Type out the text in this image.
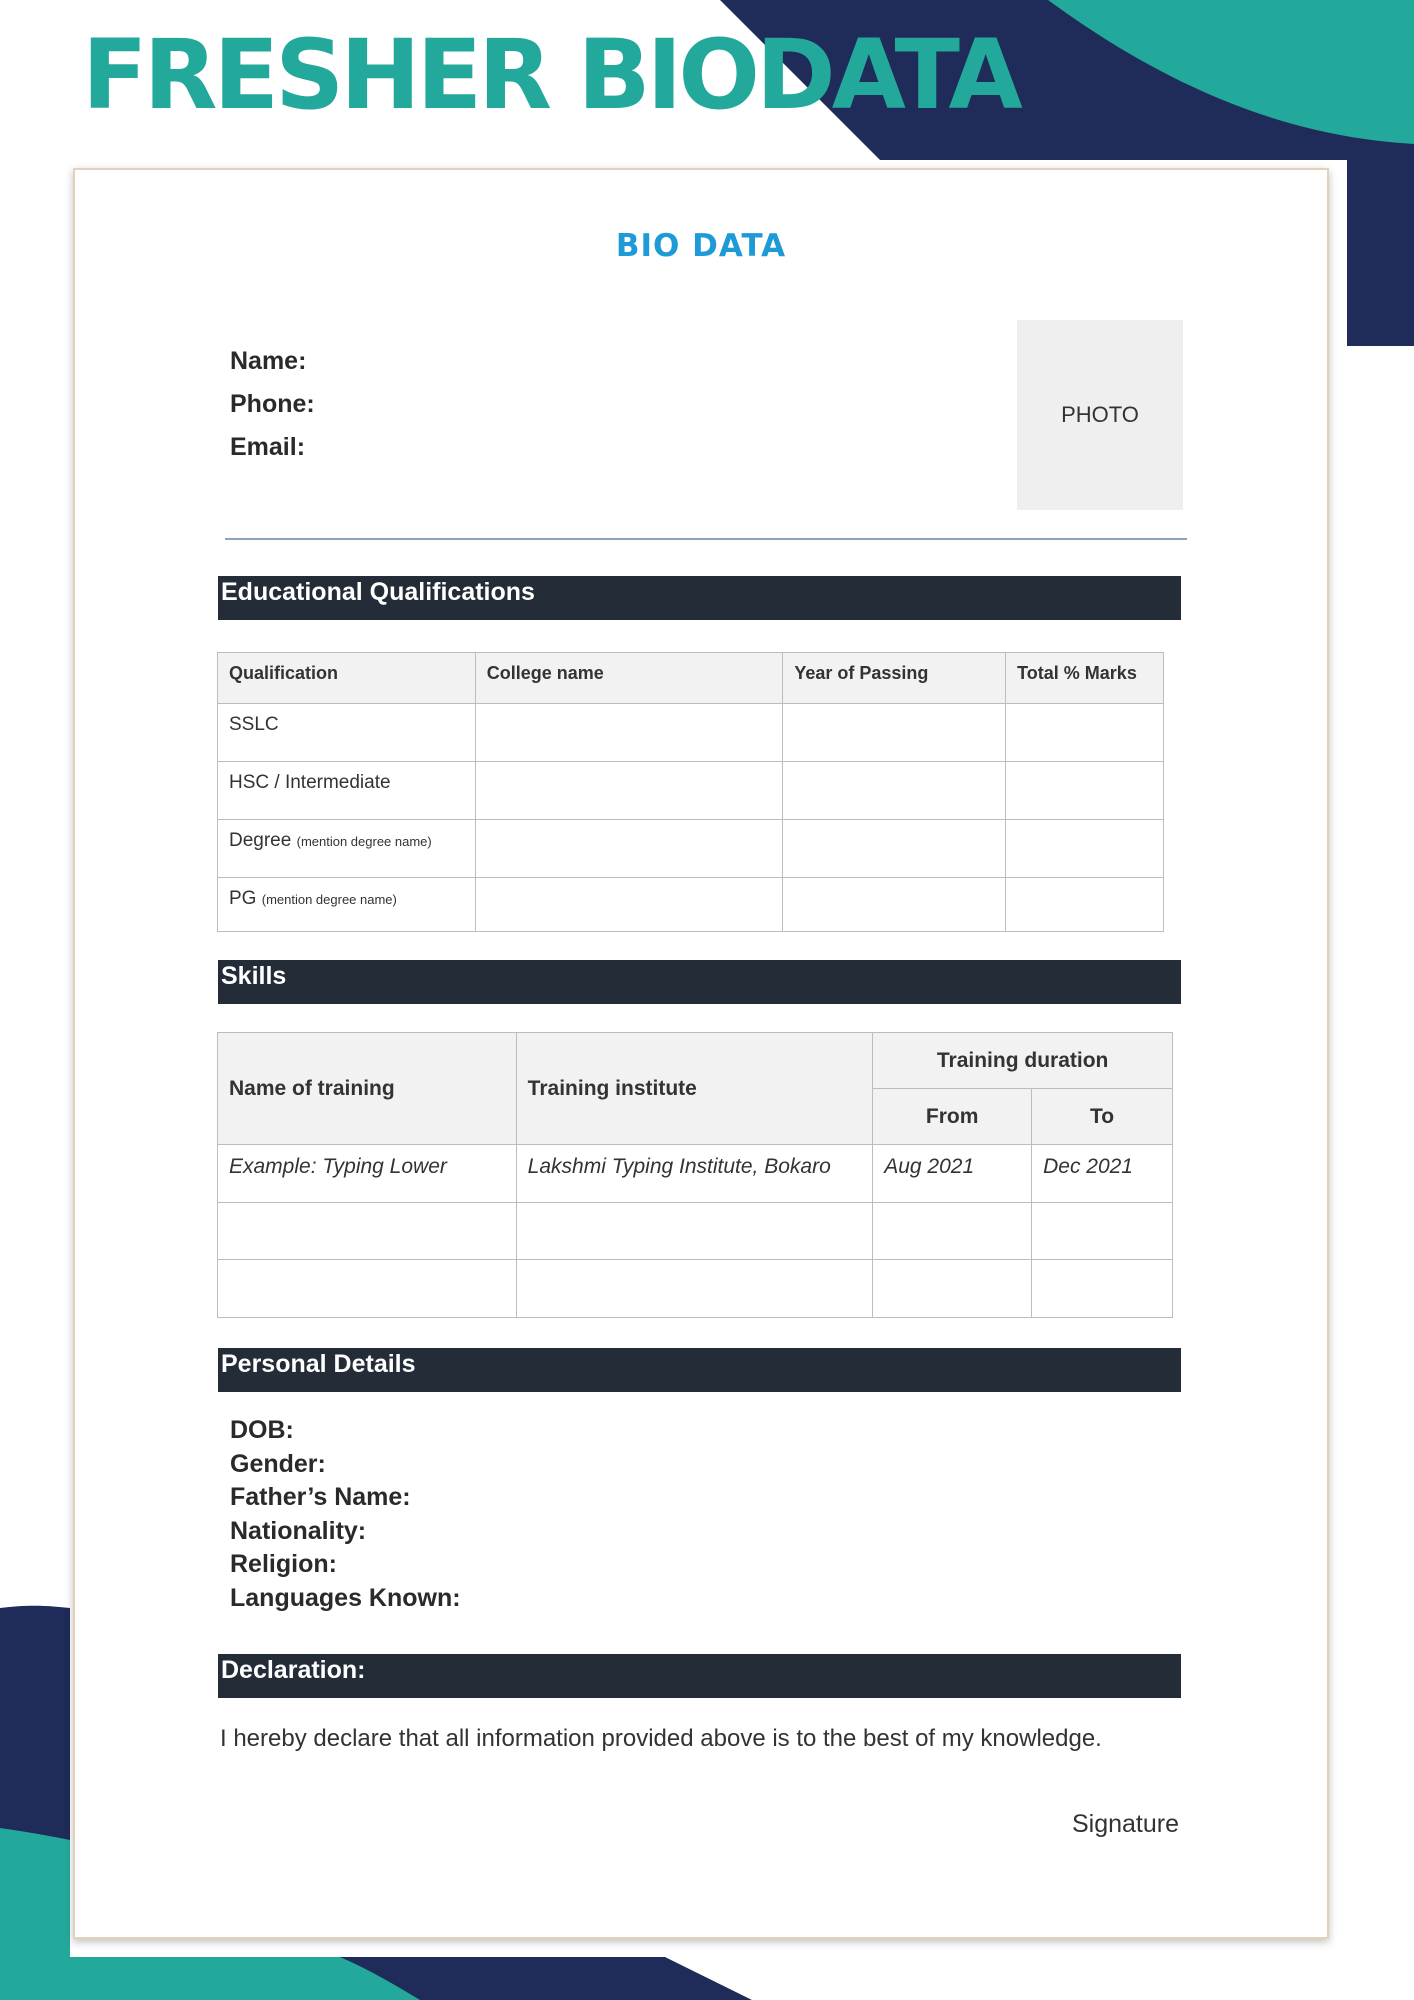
FRESHER BIODATA
BIO DATA
Name:
Phone:
Email:
PHOTO
Educational Qualifications
Qualification	College name	Year of Passing	Total % Marks
SSLC			
HSC / Intermediate			
Degree (mention degree name)			
PG (mention degree name)			
Skills
Name of training	Training institute	Training duration	
		From	To
Example: Typing Lower	Lakshmi Typing Institute, Bokaro	Aug 2021	Dec 2021

Personal Details
DOB:
Gender:
Father’s Name:
Nationality:
Religion:
Languages Known:
Declaration:
I hereby declare that all information provided above is to the best of my knowledge.
Signature
